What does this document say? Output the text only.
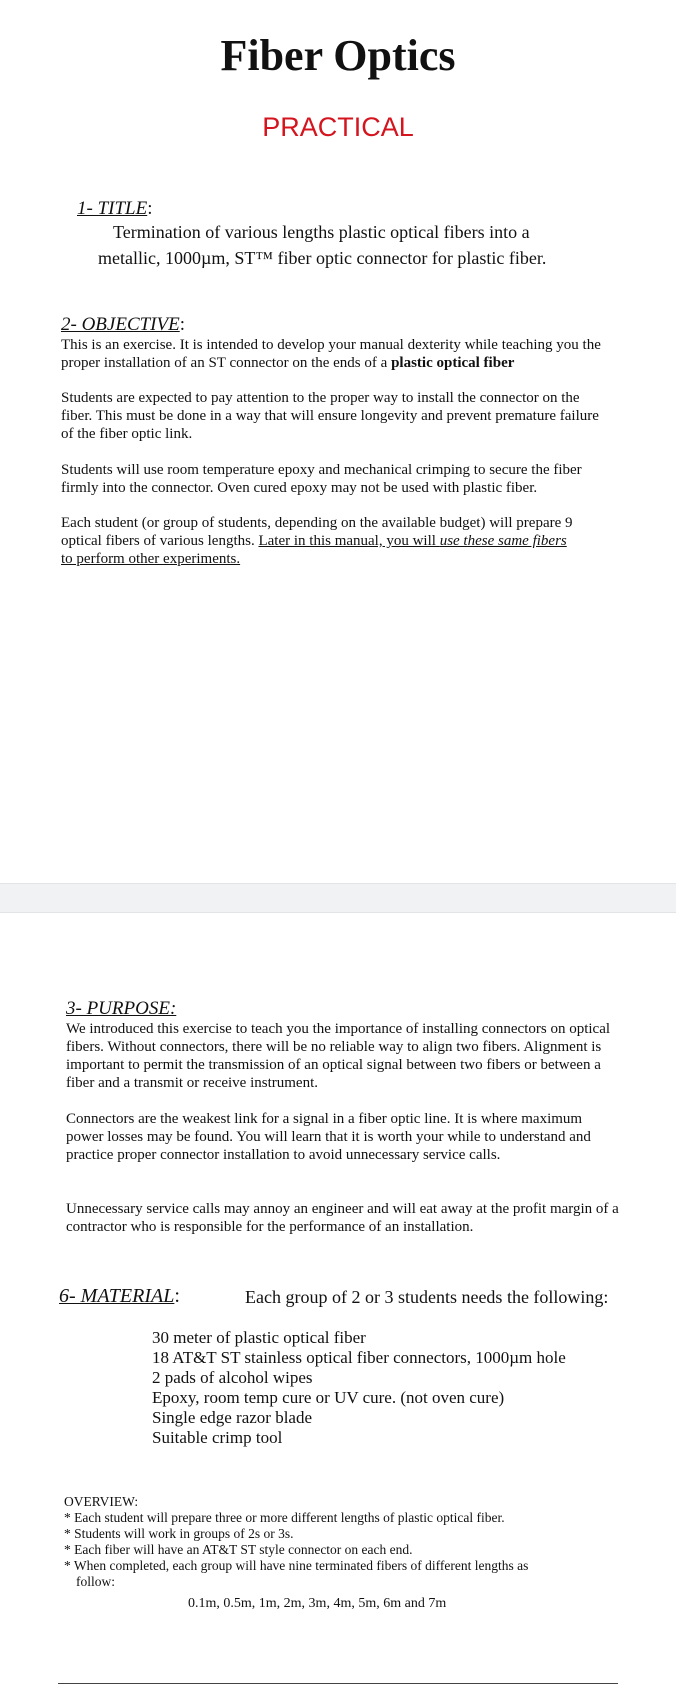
Fiber Optics
PRACTICAL
1- TITLE:
Termination of various lengths plastic optical fibers into a
metallic, 1000µm, ST™ fiber optic connector for plastic fiber.
2- OBJECTIVE:
This is an exercise. It is intended to develop your manual dexterity while teaching you the proper installation of an ST connector on the ends of a plastic optical fiber
Students are expected to pay attention to the proper way to install the connector on the fiber. This must be done in a way that will ensure longevity and prevent premature failure of the fiber optic link.
Students will use room temperature epoxy and mechanical crimping to secure the fiber firmly into the connector. Oven cured epoxy may not be used with plastic fiber.
Each student (or group of students, depending on the available budget) will prepare 9 optical fibers of various lengths. Later in this manual, you will use these same fibers
to perform other experiments.
3- PURPOSE:
We introduced this exercise to teach you the importance of installing connectors on optical fibers. Without connectors, there will be no reliable way to align two fibers. Alignment is important to permit the transmission of an optical signal between two fibers or between a fiber and a transmit or receive instrument.
Connectors are the weakest link for a signal in a fiber optic line. It is where maximum power losses may be found. You will learn that it is worth your while to understand and practice proper connector installation to avoid unnecessary service calls.
Unnecessary service calls may annoy an engineer and will eat away at the profit margin of a contractor who is responsible for the performance of an installation.
6- MATERIAL:	Each group of 2 or 3 students needs the following:
30 meter of plastic optical fiber
18 AT&T ST stainless optical fiber connectors, 1000µm hole
2 pads of alcohol wipes
Epoxy, room temp cure or UV cure. (not oven cure)
Single edge razor blade
Suitable crimp tool
OVERVIEW:
* Each student will prepare three or more different lengths of plastic optical fiber.
* Students will work in groups of 2s or 3s.
* Each fiber will have an AT&T ST style connector on each end.
* When completed, each group will have nine terminated fibers of different lengths as
follow:
0.1m, 0.5m, 1m, 2m, 3m, 4m, 5m, 6m and 7m
